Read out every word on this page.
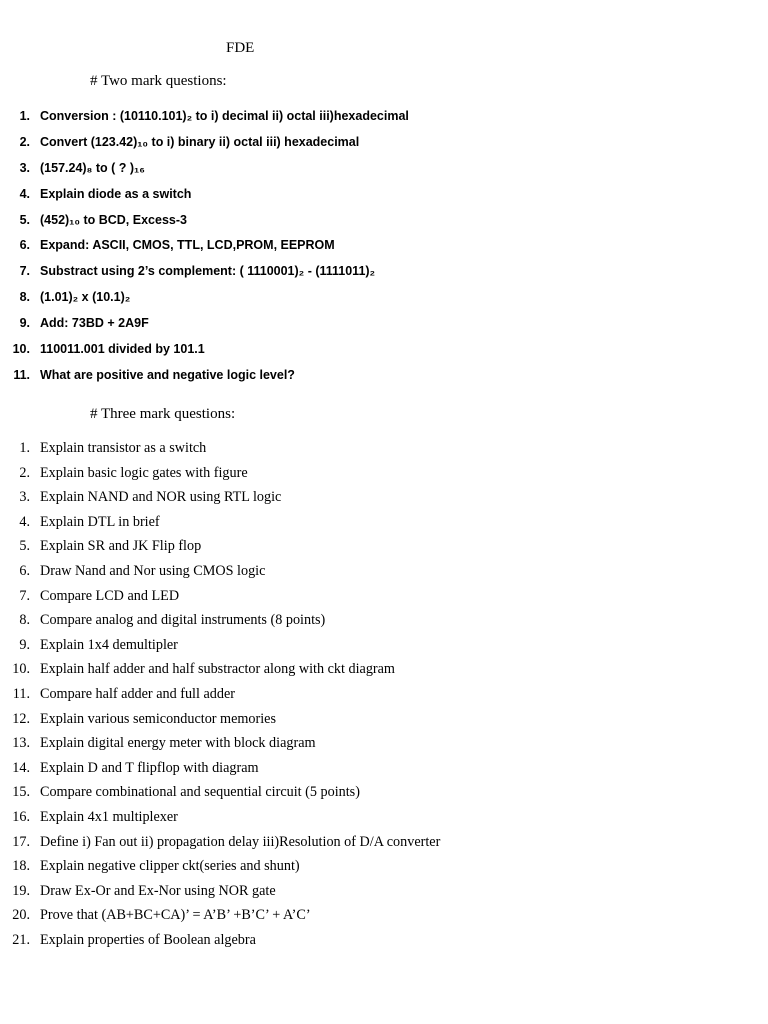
FDE
# Two mark questions:
1. Conversion : (10110.101)₂ to i) decimal ii) octal iii)hexadecimal
2. Convert (123.42)₁₀ to i) binary ii) octal iii) hexadecimal
3. (157.24)₈ to ( ? )₁₆
4. Explain diode as a switch
5. (452)₁₀ to BCD, Excess-3
6. Expand: ASCII, CMOS, TTL, LCD,PROM, EEPROM
7. Substract using 2’s complement: ( 1110001)₂ - (1111011)₂
8. (1.01)₂ x (10.1)₂
9. Add: 73BD + 2A9F
10. 110011.001 divided by 101.1
11. What are positive and negative logic level?
# Three mark questions:
1. Explain transistor as a switch
2. Explain basic logic gates with figure
3. Explain NAND and NOR using RTL logic
4. Explain DTL in brief
5. Explain SR and JK Flip flop
6. Draw Nand and Nor using CMOS logic
7. Compare LCD and LED
8. Compare analog and digital instruments (8 points)
9. Explain 1x4 demultipler
10. Explain half adder and half substractor along with ckt diagram
11. Compare half adder and full adder
12. Explain various semiconductor memories
13. Explain digital energy meter with block diagram
14. Explain D and T flipflop with diagram
15. Compare combinational and sequential circuit (5 points)
16. Explain 4x1 multiplexer
17. Define i) Fan out ii) propagation delay iii)Resolution of D/A converter
18. Explain negative clipper ckt(series and shunt)
19. Draw Ex-Or and Ex-Nor using NOR gate
20. Prove that (AB+BC+CA)’ = A’B’ +B’C’ + A’C’
21. Explain properties of Boolean algebra
